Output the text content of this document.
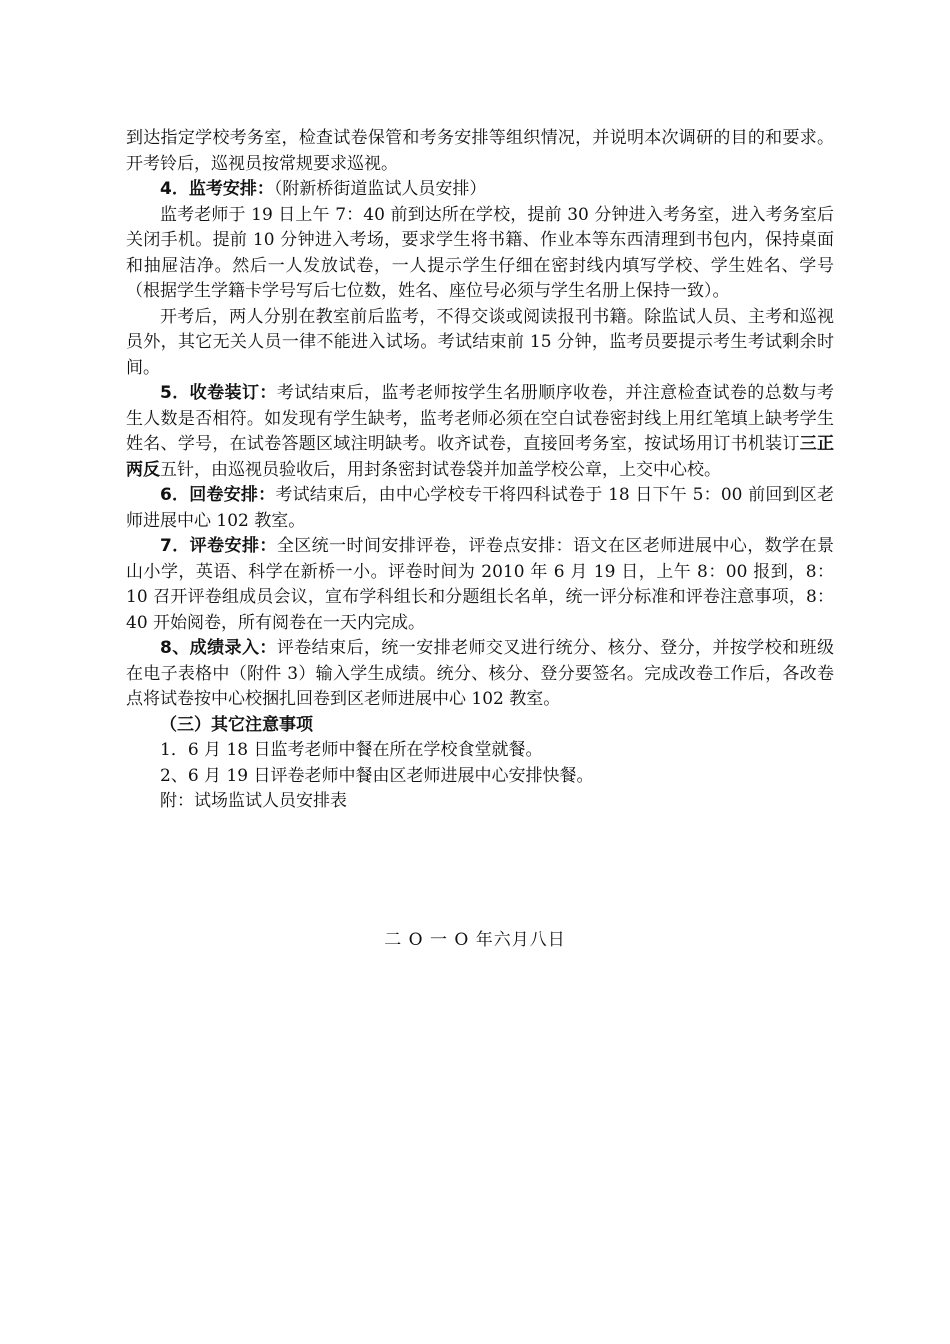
到达指定学校考务室，检查试卷保管和考务安排等组织情况，并说明本次调研的目的和要求。开考铃后，巡视员按常规要求巡视。

4．监考安排：（附新桥街道监试人员安排）

监考老师于 19 日上午 7：40 前到达所在学校，提前 30 分钟进入考务室，进入考务室后关闭手机。提前 10 分钟进入考场，要求学生将书籍、作业本等东西清理到书包内，保持桌面和抽屉洁净。然后一人发放试卷，一人提示学生仔细在密封线内填写学校、学生姓名、学号（根据学生学籍卡学号写后七位数，姓名、座位号必须与学生名册上保持一致）。

开考后，两人分别在教室前后监考，不得交谈或阅读报刊书籍。除监试人员、主考和巡视员外，其它无关人员一律不能进入试场。考试结束前 15 分钟，监考员要提示考生考试剩余时间。

5．收卷装订：考试结束后，监考老师按学生名册顺序收卷，并注意检查试卷的总数与考生人数是否相符。如发现有学生缺考，监考老师必须在空白试卷密封线上用红笔填上缺考学生姓名、学号，在试卷答题区域注明缺考。收齐试卷，直接回考务室，按试场用订书机装订三正两反五针，由巡视员验收后，用封条密封试卷袋并加盖学校公章，上交中心校。

6．回卷安排：考试结束后，由中心学校专干将四科试卷于 18 日下午 5：00 前回到区老师进展中心 102 教室。

7．评卷安排：全区统一时间安排评卷，评卷点安排：语文在区老师进展中心，数学在景山小学，英语、科学在新桥一小。评卷时间为 2010 年 6 月 19 日，上午 8：00 报到，8：10 召开评卷组成员会议，宣布学科组长和分题组长名单，统一评分标准和评卷注意事项，8：40 开始阅卷，所有阅卷在一天内完成。

8、成绩录入：评卷结束后，统一安排老师交叉进行统分、核分、登分，并按学校和班级在电子表格中（附件 3）输入学生成绩。统分、核分、登分要签名。完成改卷工作后，各改卷点将试卷按中心校捆扎回卷到区老师进展中心 102 教室。

（三）其它注意事项

1．6 月 18 日监考老师中餐在所在学校食堂就餐。

2、6 月 19 日评卷老师中餐由区老师进展中心安排快餐。

附：试场监试人员安排表

二 O 一 O 年六月八日
